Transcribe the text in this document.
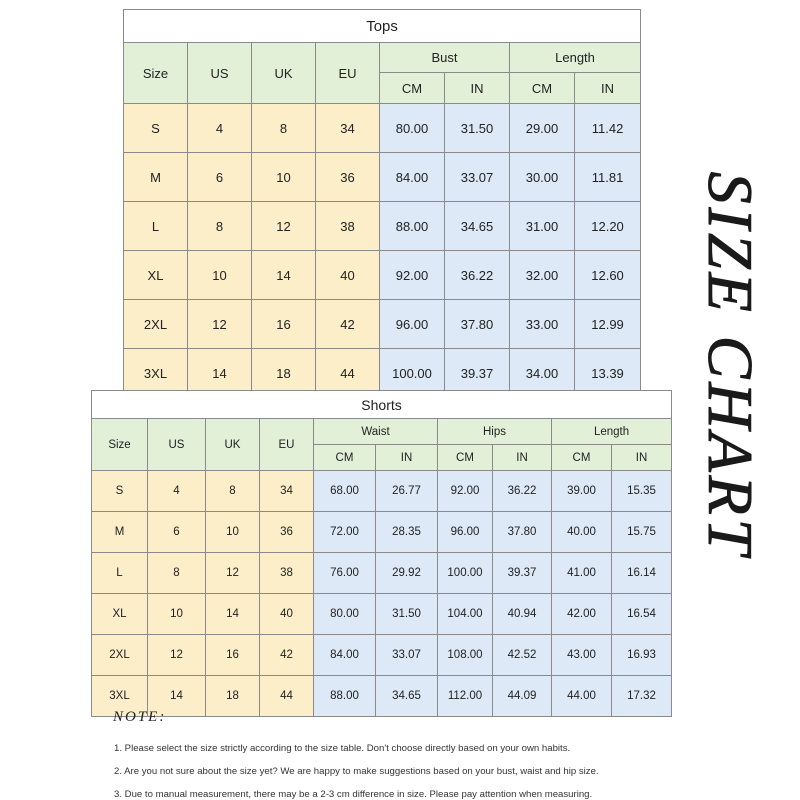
Tops							
Size	US	UK	EU	Bust		Length	
				CM	IN	CM	IN
S	4	8	34	80.00	31.50	29.00	11.42
M	6	10	36	84.00	33.07	30.00	11.81
L	8	12	38	88.00	34.65	31.00	12.20
XL	10	14	40	92.00	36.22	32.00	12.60
2XL	12	16	42	96.00	37.80	33.00	12.99
3XL	14	18	44	100.00	39.37	34.00	13.39
Shorts									
Size	US	UK	EU	Waist		Hips		Length	
				CM	IN	CM	IN	CM	IN
S	4	8	34	68.00	26.77	92.00	36.22	39.00	15.35
M	6	10	36	72.00	28.35	96.00	37.80	40.00	15.75
L	8	12	38	76.00	29.92	100.00	39.37	41.00	16.14
XL	10	14	40	80.00	31.50	104.00	40.94	42.00	16.54
2XL	12	16	42	84.00	33.07	108.00	42.52	43.00	16.93
3XL	14	18	44	88.00	34.65	112.00	44.09	44.00	17.32
SIZE CHART
NOTE:
1. Please select the size strictly according to the size table. Don't choose directly based on your own habits.
2. Are you not sure about the size yet? We are happy to make suggestions based on your bust, waist and hip size.
3. Due to manual measurement, there may be a 2-3 cm difference in size. Please pay attention when measuring.
